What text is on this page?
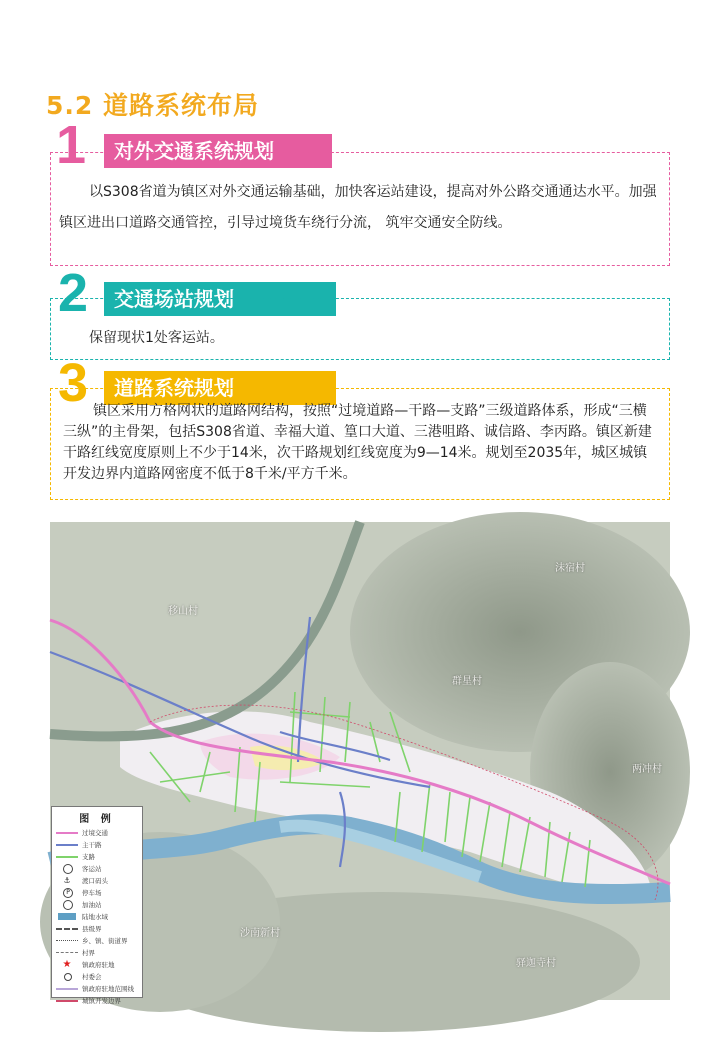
5.2 道路系统布局
1	对外交通系统规划

以S308省道为镇区对外交通运输基础，加快客运站建设，提高对外公路交通通达水平。加强镇区进出口道路交通管控，引导过境货车绕行分流， 筑牢交通安全防线。

2	交通场站规划

保留现状1处客运站。

3	道路系统规划

镇区采用方格网状的道路网结构，按照“过境道路—干路—支路”三级道路体系，形成“三横三纵”的主骨架，包括S308省道、幸福大道、篁口大道、三港咀路、诚信路、李丙路。镇区新建干路红线宽度原则上不少于14米，次干路规划红线宽度为9—14米。规划至2035年，城区城镇开发边界内道路网密度不低于8千米/平方千米。

移山村
沫宿村
群星村
两冲村
沙南新村
驿迦寺村
图 例
过境交通
主干路
支路
客运站
⚓	渡口码头
P	停车场
加油站
陆地水域
县级界
乡、镇、街道界
村界
★	镇政府驻地
村委会
镇政府驻地范围线
城镇开发边界
